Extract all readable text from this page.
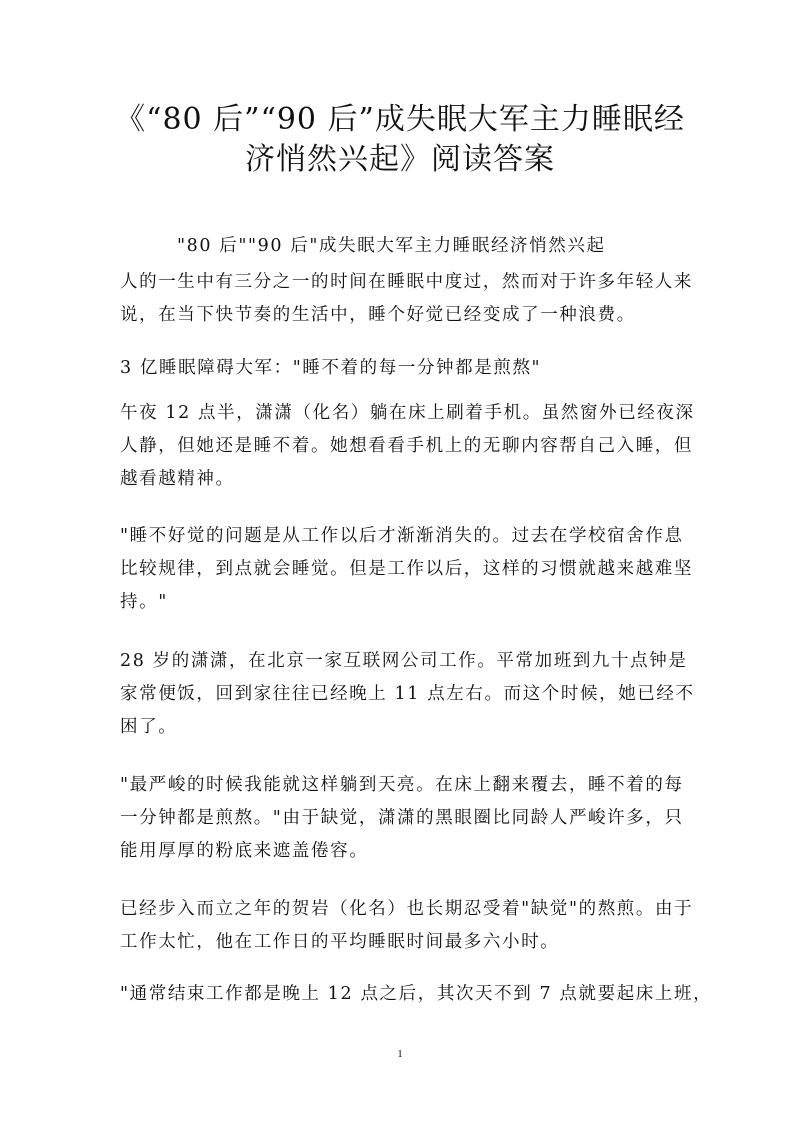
《“80 后”“90 后”成失眠大军主力睡眠经
济悄然兴起》阅读答案
"80 后""90 后"成失眠大军主力睡眠经济悄然兴起
人的一生中有三分之一的时间在睡眠中度过，然而对于许多年轻人来
说，在当下快节奏的生活中，睡个好觉已经变成了一种浪费。
3 亿睡眠障碍大军："睡不着的每一分钟都是煎熬"
午夜 12 点半，潇潇（化名）躺在床上刷着手机。虽然窗外已经夜深
人静，但她还是睡不着。她想看看手机上的无聊内容帮自己入睡，但
越看越精神。
"睡不好觉的问题是从工作以后才渐渐消失的。过去在学校宿舍作息
比较规律，到点就会睡觉。但是工作以后，这样的习惯就越来越难坚
持。"
28 岁的潇潇，在北京一家互联网公司工作。平常加班到九十点钟是
家常便饭，回到家往往已经晚上 11 点左右。而这个时候，她已经不
困了。
"最严峻的时候我能就这样躺到天亮。在床上翻来覆去，睡不着的每
一分钟都是煎熬。"由于缺觉，潇潇的黑眼圈比同龄人严峻许多，只
能用厚厚的粉底来遮盖倦容。
已经步入而立之年的贺岩（化名）也长期忍受着"缺觉"的熬煎。由于
工作太忙，他在工作日的平均睡眠时间最多六小时。
"通常结束工作都是晚上 12 点之后，其次天不到 7 点就要起床上班，
1
